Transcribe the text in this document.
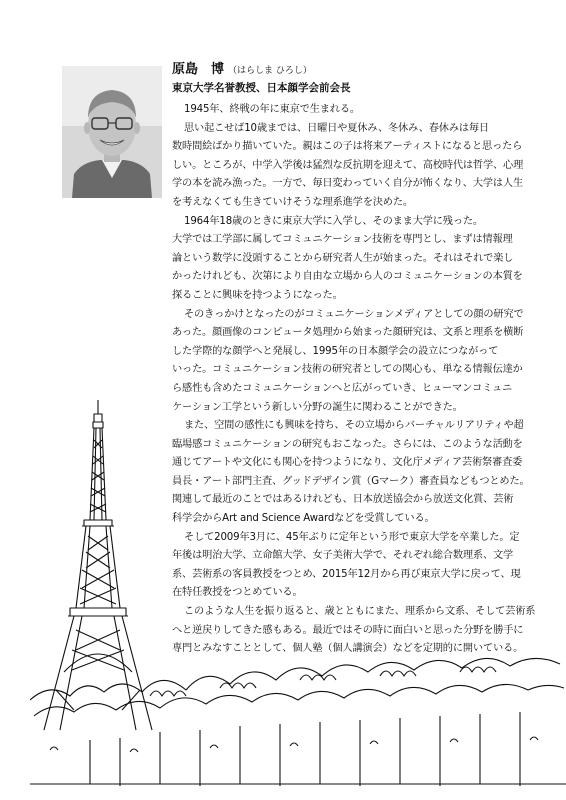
原島　博 （はらしま ひろし）
東京大学名誉教授、日本顔学会前会長

1945年、終戦の年に東京で生まれる。

思い起こせば10歳までは、日曜日や夏休み、冬休み、春休みは毎日

数時間絵ばかり描いていた。親はこの子は将来アーティストになると思ったら

しい。ところが、中学入学後は猛烈な反抗期を迎えて、高校時代は哲学、心理

学の本を読み漁った。一方で、毎日変わっていく自分が怖くなり、大学は人生

を考えなくても生きていけそうな理系進学を決めた。

1964年18歳のときに東京大学に入学し、そのまま大学に残った。

大学では工学部に属してコミュニケーション技術を専門とし、まずは情報理

論という数学に没頭することから研究者人生が始まった。それはそれで楽し

かったけれども、次第により自由な立場から人のコミュニケーションの本質を

探ることに興味を持つようになった。

そのきっかけとなったのがコミュニケーションメディアとしての顔の研究で

あった。顔画像のコンピュータ処理から始まった顔研究は、文系と理系を横断

した学際的な顔学へと発展し、1995年の日本顔学会の設立につながって

いった。コミュニケーション技術の研究者としての関心も、単なる情報伝達か

ら感性も含めたコミュニケーションへと広がっていき、ヒューマンコミュニ

ケーション工学という新しい分野の誕生に関わることができた。

また、空間の感性にも興味を持ち、その立場からバーチャルリアリティや超

臨場感コミュニケーションの研究もおこなった。さらには、このような活動を

通じてアートや文化にも関心を持つようになり、文化庁メディア芸術祭審査委

員長・アート部門主査、グッドデザイン賞（Gマーク）審査員などもつとめた。

関連して最近のことではあるけれども、日本放送協会から放送文化賞、芸術

科学会からArt and Science Awardなどを受賞している。

そして2009年3月に、45年ぶりに定年という形で東京大学を卒業した。定

年後は明治大学、立命館大学、女子美術大学で、それぞれ総合数理系、文学

系、芸術系の客員教授をつとめ、2015年12月から再び東京大学に戻って、現

在特任教授をつとめている。

このような人生を振り返ると、歳とともにまた、理系から文系、そして芸術系

へと逆戻りしてきた感もある。最近ではその時に面白いと思った分野を勝手に

専門とみなすこととして、個人塾（個人講演会）などを定期的に開いている。
